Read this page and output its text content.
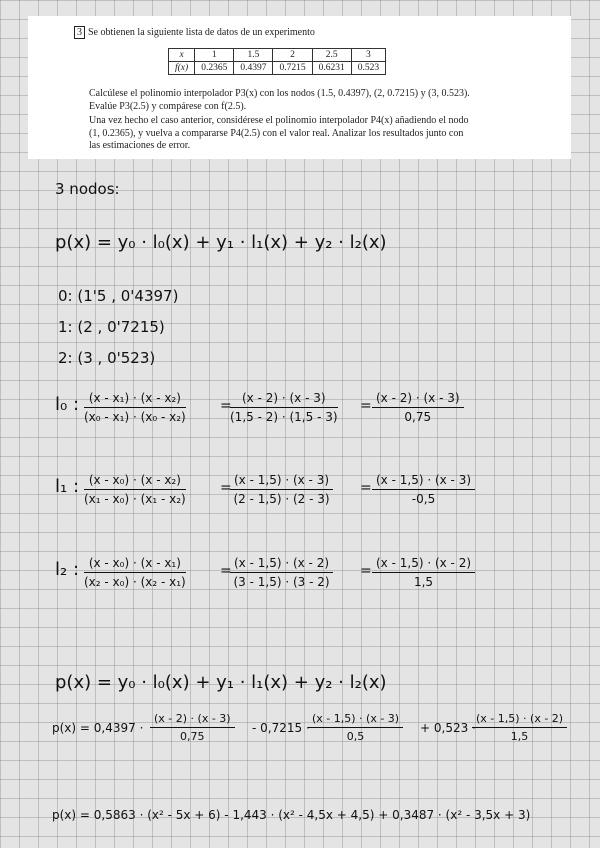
3 Se obtienen la siguiente lista de datos de un experimento
x	1	1.5	2	2.5	3
f(x)	0.2365	0.4397	0.7215	0.6231	0.523
Calcúlese el polinomio interpolador P3(x) con los nodos (1.5, 0.4397), (2, 0.7215) y (3, 0.523).
Evalúe P3(2.5) y compárese con f(2.5).
Una vez hecho el caso anterior, considérese el polinomio interpolador P4(x) añadiendo el nodo
(1, 0.2365), y vuelva a compararse P4(2.5) con el valor real. Analizar los resultados junto con
las estimaciones de error.
3 nodos:
p(x) = y₀ · l₀(x) + y₁ · l₁(x) + y₂ · l₂(x)
0: (1'5 , 0'4397)
1: (2 , 0'7215)
2: (3 , 0'523)
l₀ : $\frac{\text{(x - x₁) · (x - x₂)}}{\text{(x₀ - x₁) · (x₀ - x₂)}}$ =
$\frac{(x - 2) \cdot (x - 3)}{(1,5 - 2) \cdot (1,5 - 3)} = \frac{(x - 2) \cdot (x - 3)}{0,75}$
l₁ : $\frac{\text{(x - x₀) · (x - x₂)}}{\text{(x₁ - x₀) · (x₁ - x₂)}}$ =
$\frac{(x - 1,5) \cdot (x - 3)}{(2 - 1,5) \cdot (2 - 3)} = \frac{(x - 1,5) \cdot (x - 3)}{-0,5}$
l₂ : $\frac{\text{(x - x₀) · (x - x₁)}}{\text{(x₂ - x₀) · (x₂ - x₁)}}$ =
$\frac{(x - 1,5) \cdot (x - 2)}{(3 - 1,5) \cdot (3 - 2)} = \frac{(x - 1,5) \cdot (x - 2)}{1,5}$
p(x) = y₀ · l₀(x) + y₁ · l₁(x) + y₂ · l₂(x)
$p(x) = 0,4397 \cdot \frac{(x - 2) \cdot (x - 3)}{0,75} - 0,7215$ ·
$\frac{(x - 1,5) \cdot (x - 3)}{0,5} + 0,523$ ·
$\frac{(x - 1,5) \cdot (x - 2)}{1,5}$
p(x) = 0,5863 · (x² - 5x + 6) - 1,443 · (x² - 4,5x + 4,5) + 0,3487 · (x² - 3,5x + 3)
